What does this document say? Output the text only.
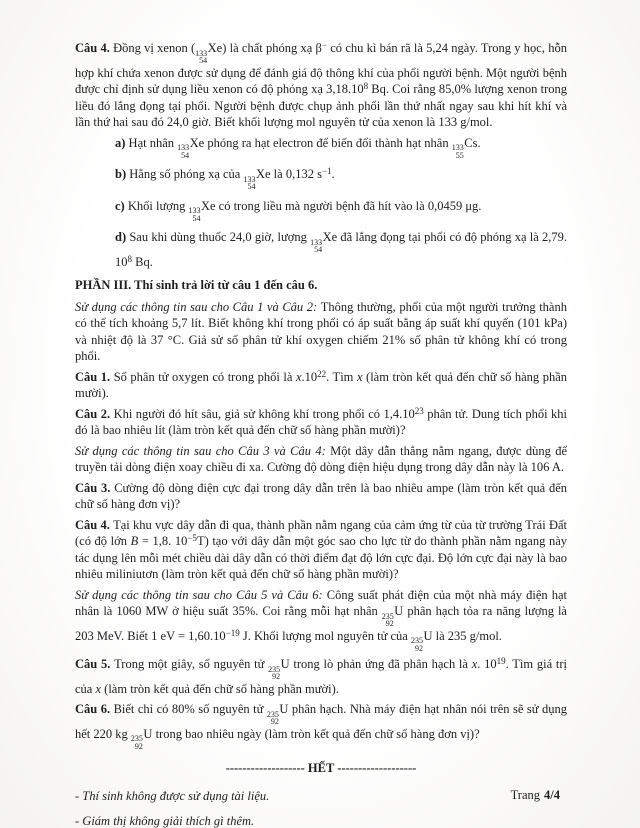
Câu 4. Đồng vị xenon ( 133
54
Xe) là chất phóng xạ β− có chu kì bán rã là 5,24 ngày. Trong y học, hỗn hợp khí chứa xenon được sử dụng để đánh giá độ thông khí của phổi người bệnh. Một người bệnh được chỉ định sử dụng liều xenon có độ phóng xạ 3,18.10$^8$ Bq. Coi rằng 85,0% lượng xenon trong liều đó lắng đọng tại phổi. Người bệnh được chụp ảnh phổi lần thứ nhất ngay sau khi hít khí và lần thứ hai sau đó 24,0 giờ. Biết khối lượng mol nguyên tử của xenon là 133 g/mol.
a) Hạt nhân 133
54
Xe phóng ra hạt electron để biến đổi thành hạt nhân 133
55
Cs.
b) Hằng số phóng xạ của 133
54
Xe là 0,132 $s^{-1}$.
c) Khối lượng 133
54
Xe có trong liều mà người bệnh đã hít vào là 0,0459 μg.
d) Sau khi dùng thuốc 24,0 giờ, lượng 133
54
Xe đã lắng đọng tại phổi có độ phóng xạ là 2,79. $10^8$ Bq.
PHẦN III. Thí sinh trả lời từ câu 1 đến câu 6.
Sử dụng các thông tin sau cho Câu 1 và Câu 2: Thông thường, phổi của một người trưởng thành có thể tích khoảng 5,7 lít. Biết không khí trong phổi có áp suất bằng áp suất khí quyển (101 kPa) và nhiệt độ là 37 °C. Giả sử số phân tử khí oxygen chiếm 21% số phân tử không khí có trong phổi.
Câu 1. Số phân tử oxygen có trong phổi là $x.10^{22}$. Tìm x (làm tròn kết quả đến chữ số hàng phần mười).
Câu 2. Khi người đó hít sâu, giả sử không khí trong phổi có 1,4.10$^{23}$ phân tử. Dung tích phổi khi đó là bao nhiêu lít (làm tròn kết quả đến chữ số hàng phần mười)?
Sử dụng các thông tin sau cho Câu 3 và Câu 4: Một dây dẫn thẳng nằm ngang, được dùng để truyền tải dòng điện xoay chiều đi xa. Cường độ dòng điện hiệu dụng trong dây dẫn này là 106 A.
Câu 3. Cường độ dòng điện cực đại trong dây dẫn trên là bao nhiêu ampe (làm tròn kết quả đến chữ số hàng đơn vị)?
Câu 4. Tại khu vực dây dẫn đi qua, thành phần nằm ngang của cảm ứng từ của từ trường Trái Đất (có độ lớn B = 1,8. $10^{-5}T$) tạo với dây dẫn một góc sao cho lực từ do thành phần nằm ngang này tác dụng lên mỗi mét chiều dài dây dẫn có thời điểm đạt độ lớn cực đại. Độ lớn cực đại này là bao nhiêu miliniutơn (làm tròn kết quả đến chữ số hàng phần mười)?
Sử dụng các thông tin sau cho Câu 5 và Câu 6: Công suất phát điện của một nhà máy điện hạt nhân là 1060 MW ở hiệu suất 35%. Coi rằng mỗi hạt nhân 235
92
U phân hạch tỏa ra năng lượng là 203 MeV. Biết 1 eV = $1,60.10^{-19}$ J. Khối lượng mol nguyên tử của 235
92
U là 235 g/mol.
Câu 5. Trong một giây, số nguyên tử 235
92
U trong lò phản ứng đã phân hạch là x. $10^{19}$. Tìm giá trị của x (làm tròn kết quả đến chữ số hàng phần mười).
Câu 6. Biết chỉ có 80% số nguyên tử 235
92
U phân hạch. Nhà máy điện hạt nhân nói trên sẽ sử dụng hết 220 kg 235
92
U trong bao nhiêu ngày (làm tròn kết quả đến chữ số hàng đơn vị)?
------------------- HẾT -------------------
- Thí sinh không được sử dụng tài liệu.
- Giám thị không giải thích gì thêm.
Trang 4/4
